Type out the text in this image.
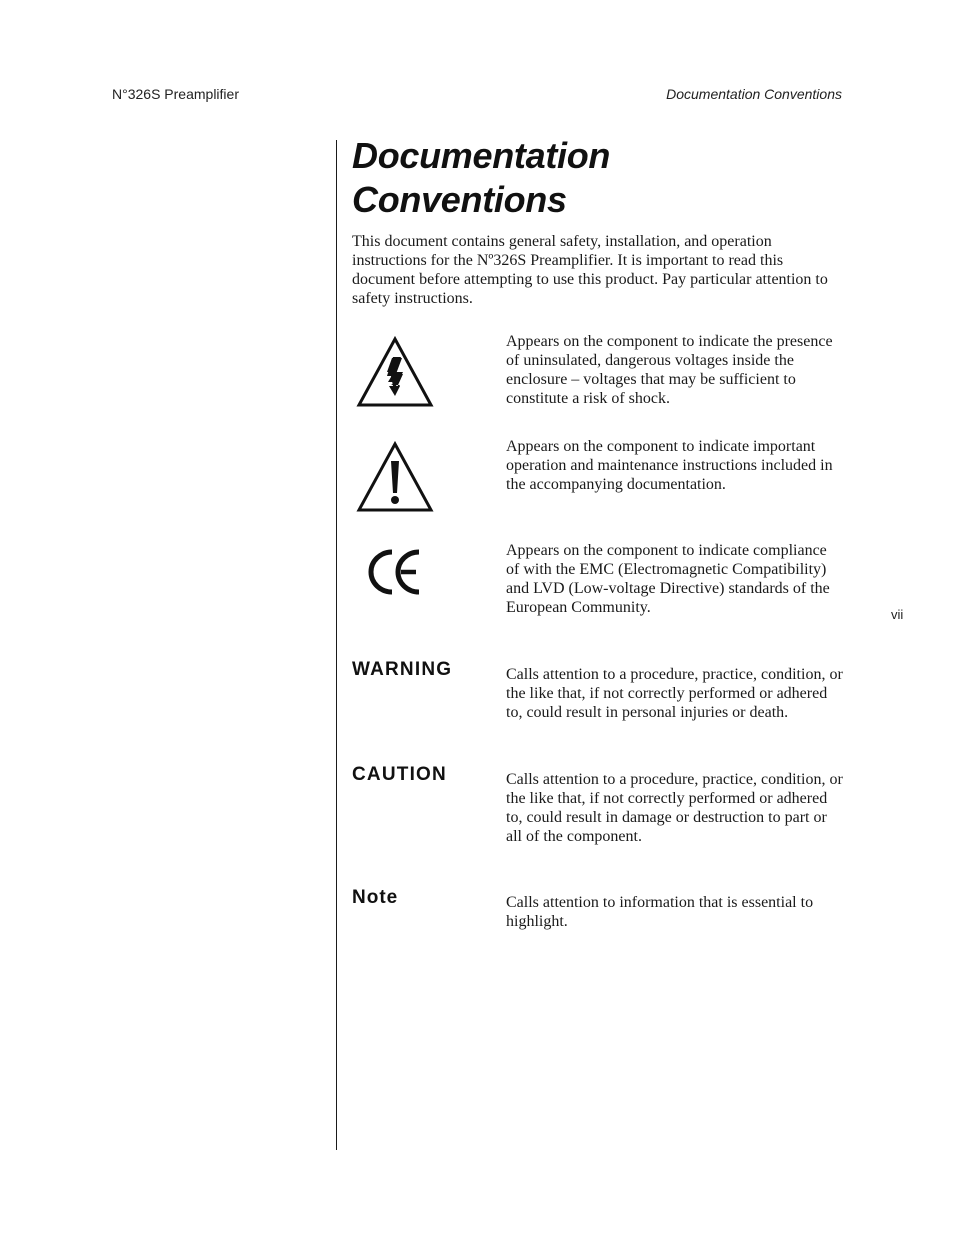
N°326S Preamplifier	Documentation Conventions
vii
Documentation
Conventions

This document contains general safety, installation, and operation instructions for the Nº326S Preamplifier. It is important to read this document before attempting to use this product. Pay particular attention to safety instructions.

Appears on the component to indicate the presence of uninsulated, dangerous voltages inside the enclosure – voltages that may be sufficient to constitute a risk of shock.
Appears on the component to indicate important operation and maintenance instructions included in the accompanying documentation.
Appears on the component to indicate compliance of with the EMC (Electromagnetic Compatibility) and LVD (Low-voltage Directive) standards of the European Community.
WARNING	Calls attention to a procedure, practice, condition, or the like that, if not correctly performed or adhered to, could result in personal injuries or death.
CAUTION	Calls attention to a procedure, practice, condition, or the like that, if not correctly performed or adhered to, could result in damage or destruction to part or all of the component.
Note	Calls attention to information that is essential to highlight.
